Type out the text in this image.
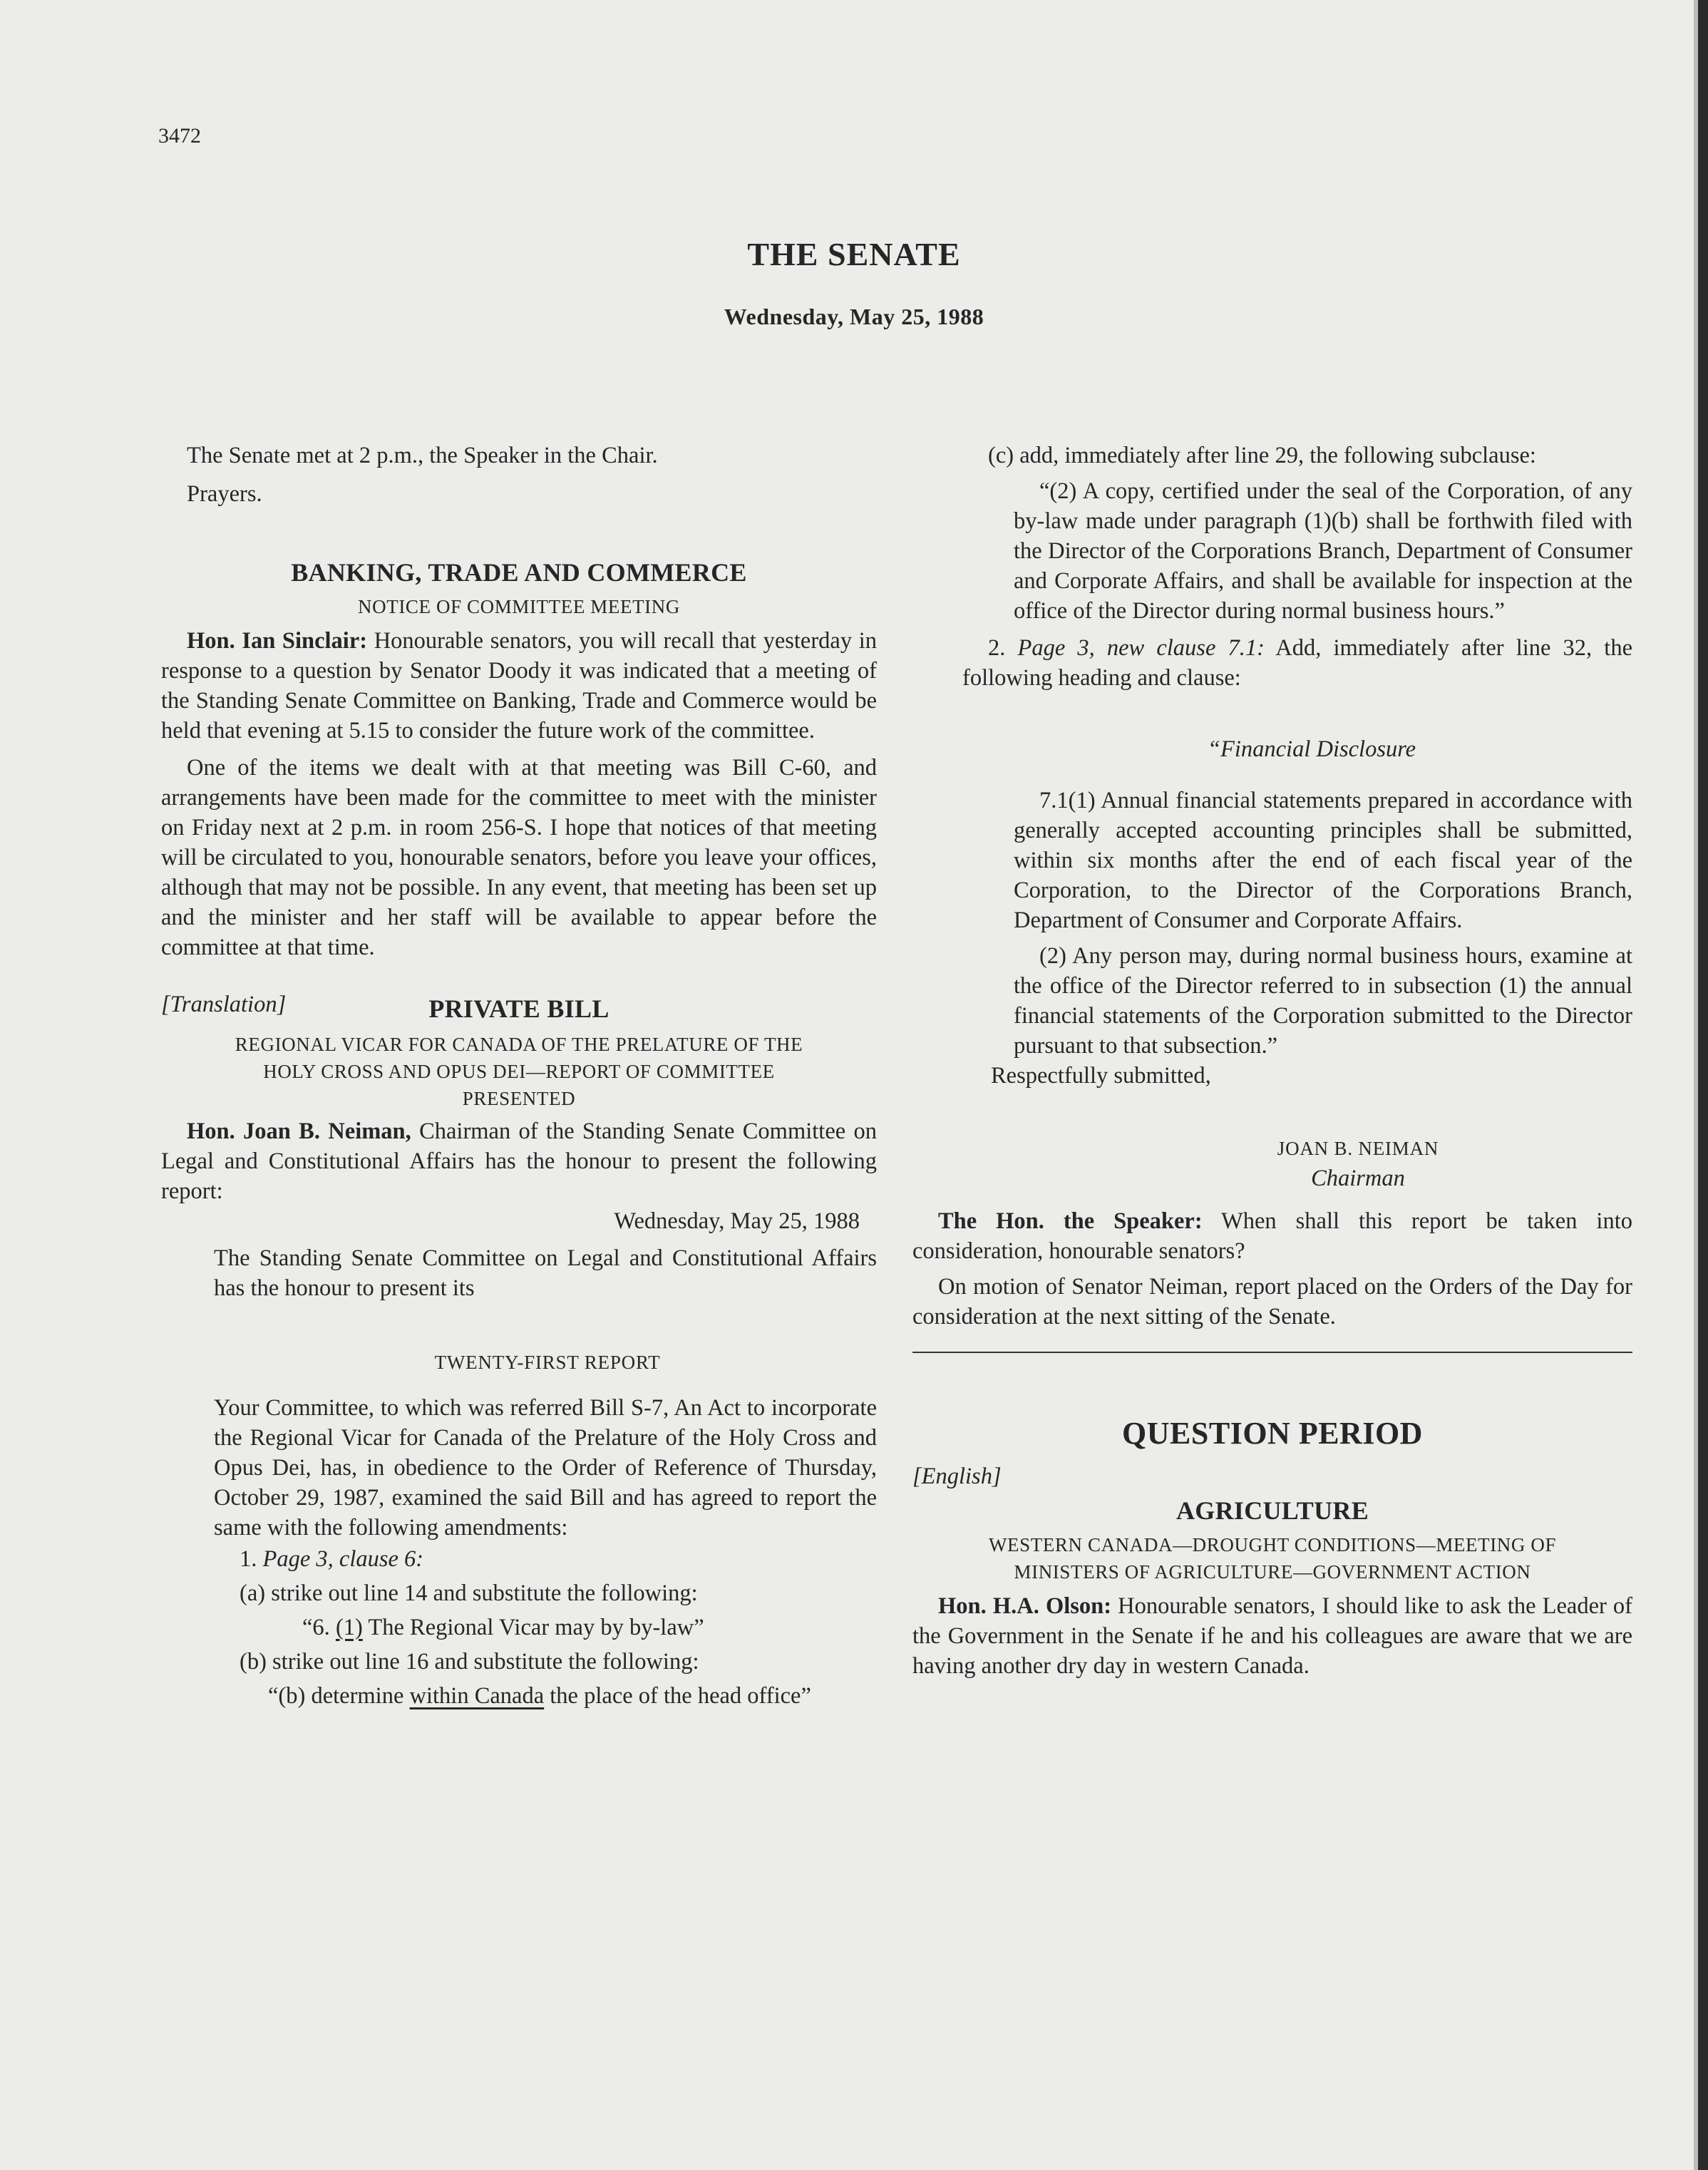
3472
THE SENATE
Wednesday, May 25, 1988

The Senate met at 2 p.m., the Speaker in the Chair.

Prayers.

BANKING, TRADE AND COMMERCE

NOTICE OF COMMITTEE MEETING

Hon. Ian Sinclair: Honourable senators, you will recall that yesterday in response to a question by Senator Doody it was indicated that a meeting of the Standing Senate Committee on Banking, Trade and Commerce would be held that evening at 5.15 to consider the future work of the committee.

One of the items we dealt with at that meeting was Bill C-60, and arrangements have been made for the committee to meet with the minister on Friday next at 2 p.m. in room 256-S. I hope that notices of that meeting will be circulated to you, honourable senators, before you leave your offices, although that may not be possible. In any event, that meeting has been set up and the minister and her staff will be available to appear before the committee at that time.

[Translation]	PRIVATE BILL

REGIONAL VICAR FOR CANADA OF THE PRELATURE OF THE

HOLY CROSS AND OPUS DEI—REPORT OF COMMITTEE

PRESENTED

Hon. Joan B. Neiman, Chairman of the Standing Senate Committee on Legal and Constitutional Affairs has the honour to present the following report:

Wednesday, May 25, 1988

The Standing Senate Committee on Legal and Constitutional Affairs has the honour to present its

TWENTY-FIRST REPORT

Your Committee, to which was referred Bill S-7, An Act to incorporate the Regional Vicar for Canada of the Prelature of the Holy Cross and Opus Dei, has, in obedience to the Order of Reference of Thursday, October 29, 1987, examined the said Bill and has agreed to report the same with the following amendments:

1. Page 3, clause 6:

(a) strike out line 14 and substitute the following:

“6. (1) The Regional Vicar may by by-law”

(b) strike out line 16 and substitute the following:

“(b) determine within Canada the place of the head office”

(c) add, immediately after line 29, the following subclause:

“(2) A copy, certified under the seal of the Corporation, of any by-law made under paragraph (1)(b) shall be forthwith filed with the Director of the Corporations Branch, Department of Consumer and Corporate Affairs, and shall be available for inspection at the office of the Director during normal business hours.”

2. Page 3, new clause 7.1: Add, immediately after line 32, the following heading and clause:

“Financial Disclosure

7.1(1) Annual financial statements prepared in accordance with generally accepted accounting principles shall be submitted, within six months after the end of each fiscal year of the Corporation, to the Director of the Corporations Branch, Department of Consumer and Corporate Affairs.

(2) Any person may, during normal business hours, examine at the office of the Director referred to in subsection (1) the annual financial statements of the Corporation submitted to the Director pursuant to that subsection.”

Respectfully submitted,

JOAN B. NEIMAN

Chairman

The Hon. the Speaker: When shall this report be taken into consideration, honourable senators?

On motion of Senator Neiman, report placed on the Orders of the Day for consideration at the next sitting of the Senate.

QUESTION PERIOD

[English]

AGRICULTURE

WESTERN CANADA—DROUGHT CONDITIONS—MEETING OF

MINISTERS OF AGRICULTURE—GOVERNMENT ACTION

Hon. H.A. Olson: Honourable senators, I should like to ask the Leader of the Government in the Senate if he and his colleagues are aware that we are having another dry day in western Canada.
